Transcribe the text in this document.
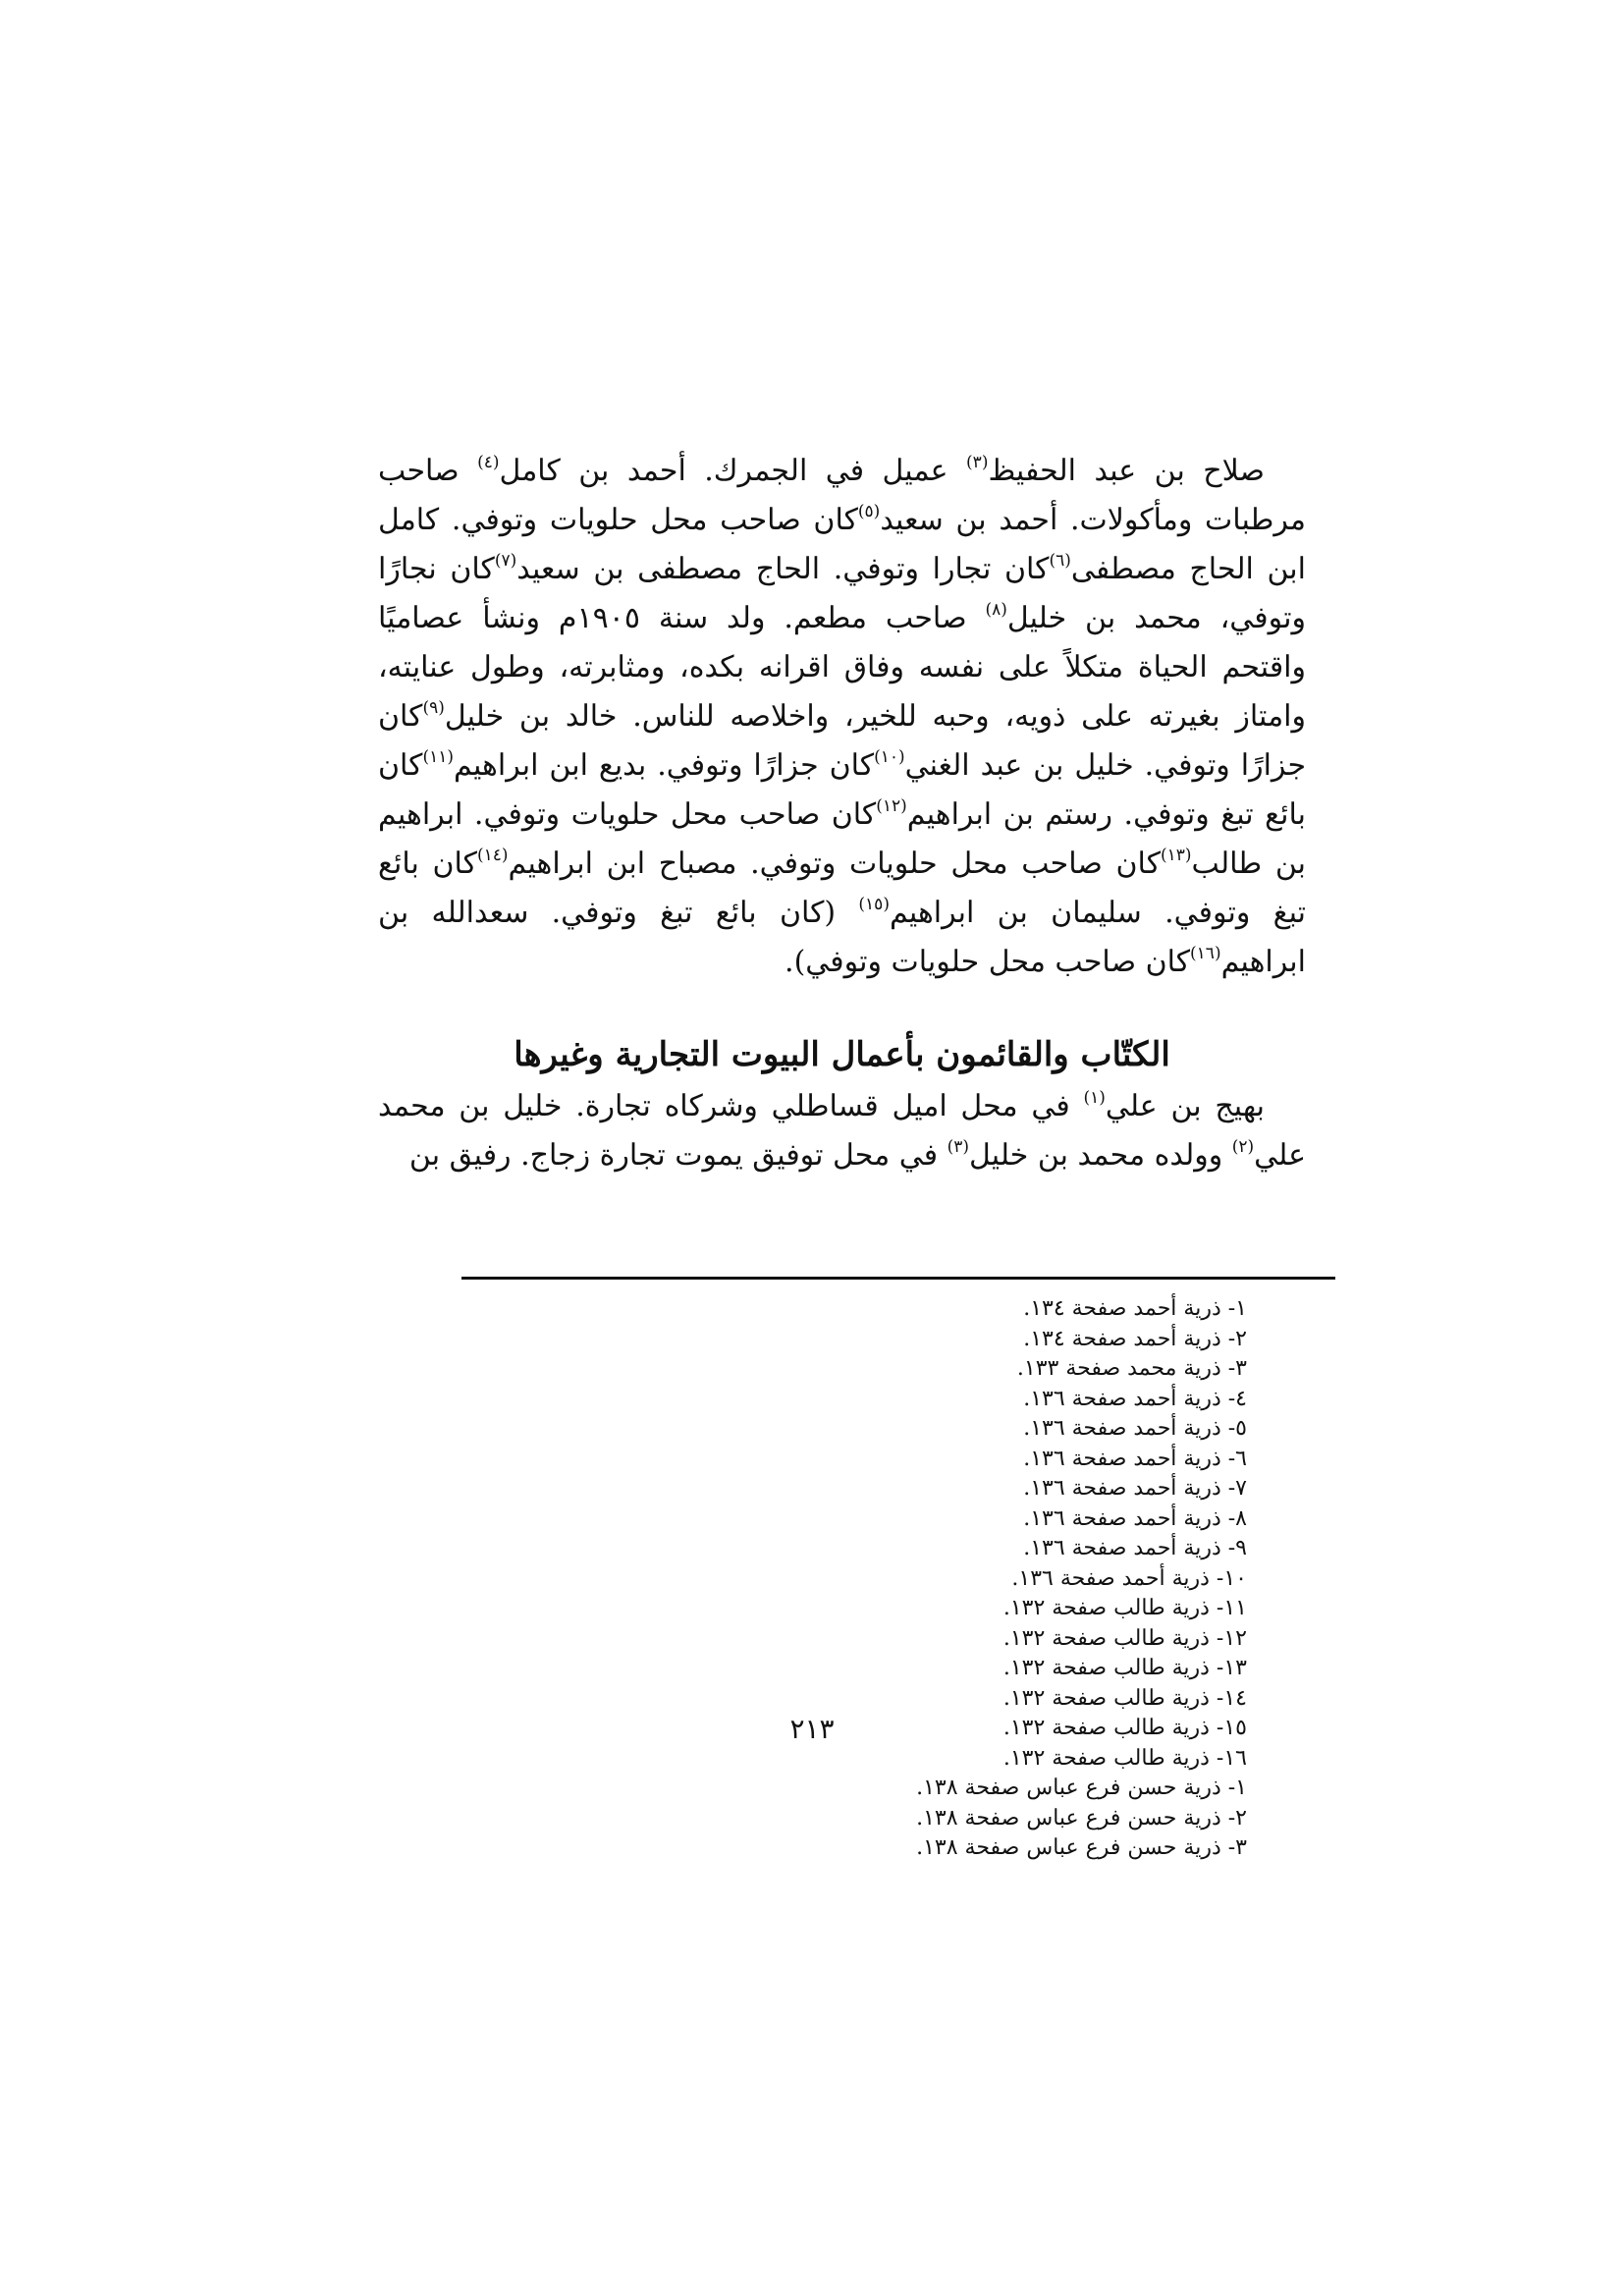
صلاح بن عبد الحفيظ$^{(٣)}$ عميل في الجمرك. أحمد بن كامل$^{(٤)}$ صاحب مرطبات ومأكولات. أحمد بن سعيد$^{(٥)}$كان صاحب محل حلويات وتوفي. كامل ابن الحاج مصطفى$^{(٦)}$كان تجارا وتوفي. الحاج مصطفى بن سعيد$^{(٧)}$كان نجارًا وتوفي، محمد بن خليل$^{(٨)}$ صاحب مطعم. ولد سنة ١٩٠٥م ونشأ عصاميًا واقتحم الحياة متكلاً على نفسه وفاق اقرانه بكده، ومثابرته، وطول عنايته، وامتاز بغيرته على ذويه، وحبه للخير، واخلاصه للناس. خالد بن خليل$^{(٩)}$كان جزارًا وتوفي. خليل بن عبد الغني$^{(١٠)}$كان جزارًا وتوفي. بديع ابن ابراهيم$^{(١١)}$كان بائع تبغ وتوفي. رستم بن ابراهيم$^{(١٢)}$كان صاحب محل حلويات وتوفي. ابراهيم بن طالب$^{(١٣)}$كان صاحب محل حلويات وتوفي. مصباح ابن ابراهيم$^{(١٤)}$كان بائع تبغ وتوفي. سليمان بن ابراهيم$^{(١٥)}$ (كان بائع تبغ وتوفي. سعدالله بن ابراهيم$^{(١٦)}$كان صاحب محل حلويات وتوفي).

الكتّاب والقائمون بأعمال البيوت التجارية وغيرها

بهيج بن علي$^{(١)}$ في محل اميل قساطلي وشركاه تجارة. خليل بن محمد علي$^{(٢)}$ وولده محمد بن خليل$^{(٣)}$ في محل توفيق يموت تجارة زجاج. رفيق بن

١- ذرية أحمد صفحة ١٣٤.
٢- ذرية أحمد صفحة ١٣٤.
٣- ذرية محمد صفحة ١٣٣.
٤- ذرية أحمد صفحة ١٣٦.
٥- ذرية أحمد صفحة ١٣٦.
٦- ذرية أحمد صفحة ١٣٦.
٧- ذرية أحمد صفحة ١٣٦.
٨- ذرية أحمد صفحة ١٣٦.
٩- ذرية أحمد صفحة ١٣٦.
١٠- ذرية أحمد صفحة ١٣٦.
١١- ذرية طالب صفحة ١٣٢.
١٢- ذرية طالب صفحة ١٣٢.
١٣- ذرية طالب صفحة ١٣٢.
١٤- ذرية طالب صفحة ١٣٢.
١٥- ذرية طالب صفحة ١٣٢.
١٦- ذرية طالب صفحة ١٣٢.
١- ذرية حسن فرع عباس صفحة ١٣٨.
٢- ذرية حسن فرع عباس صفحة ١٣٨.
٣- ذرية حسن فرع عباس صفحة ١٣٨.
٢١٣
